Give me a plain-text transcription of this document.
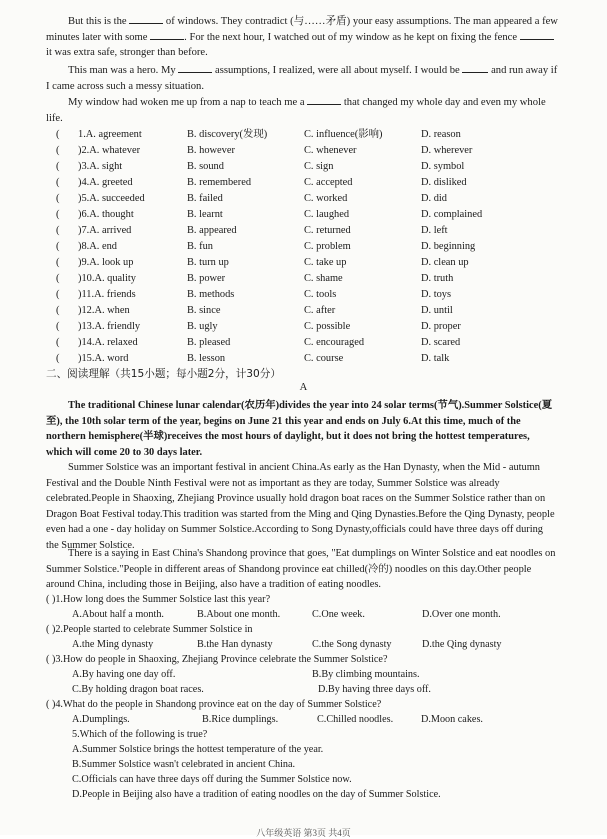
But this is the	of windows. They contradict (与……矛盾) your easy assumptions. The man appeared a few minutes later with some	. For the next hour, I watched out of my window as he kept on fixing the fence  it was extra safe, stronger than before.

This man was a hero. My	assumptions, I realized, were all about myself. I would be	and run away if I came across such a messy situation.

My window had woken me up from a nap to teach me a	that changed my whole day and even my whole life.

( 1.A. agreement	B. discovery(发现)	C. influence(影响)	D. reason
( )2.A. whatever	B. however	C. whenever	D. wherever
( )3.A. sight	B. sound	C. sign	D. symbol
( )4.A. greeted	B. remembered	C. accepted	D. disliked
( )5.A. succeeded	B. failed	C. worked	D. did
( )6.A. thought	B. learnt	C. laughed	D. complained
( )7.A. arrived	B. appeared	C. returned	D. left
( )8.A. end	B. fun	C. problem	D. beginning
( )9.A. look up	B. turn up	C. take up	D. clean up
( )10.A. quality	B. power	C. shame	D. truth
( )11.A. friends	B. methods	C. tools	D. toys
( )12.A. when	B. since	C. after	D. until
( )13.A. friendly	B. ugly	C. possible	D. proper
( )14.A. relaxed	B. pleased	C. encouraged	D. scared
( )15.A. word	B. lesson	C. course	D. talk
二、阅读理解（共15小题；每小题2分，计30分）
A

The traditional Chinese lunar calendar(农历年)divides the year into 24 solar terms(节气).Summer Solstice(夏至), the 10th solar term of the year, begins on June 21 this year and ends on July 6.At this time, much of the northern hemisphere(半球)receives the most hours of daylight, but it does not bring the hottest temperatures, which will come 20 to 30 days later.

Summer Solstice was an important festival in ancient China.As early as the Han Dynasty, when the Mid - autumn Festival and the Double Ninth Festival were not as important as they are today, Summer Solstice was already celebrated.People in Shaoxing, Zhejiang Province usually hold dragon boat races on the Summer Solstice rather than on Dragon Boat Festival today.This tradition was started from the Ming and Qing Dynasties.Before the Qing Dynasty, people even had a one - day holiday on Summer Solstice.According to Song Dynasty,officials could have three days off during the Summer Solstice.

There is a saying in East China's Shandong province that goes, "Eat dumplings on Winter Solstice and eat noodles on Summer Solstice."People in different areas of Shandong province eat chilled(冷的) noodles on this day.Other people around China, including those in Beijing, also have a tradition of eating noodles.

( )1.How long does the Summer Solstice last this year?
A.About half a month.	B.About one month.	C.One week.	D.Over one month.
( )2.People started to celebrate Summer Solstice in
A.the Ming dynasty	B.the Han dynasty	C.the Song dynasty	D.the Qing dynasty
( )3.How do people in Shaoxing, Zhejiang Province celebrate the Summer Solstice?
A.By having one day off.	B.By climbing mountains.
C.By holding dragon boat races.	D.By having three days off.
( )4.What do the people in Shandong province eat on the day of Summer Solstice?
A.Dumplings.	B.Rice dumplings.	C.Chilled noodles.	D.Moon cakes.
5.Which of the following is true?
A.Summer Solstice brings the hottest temperature of the year.
B.Summer Solstice wasn't celebrated in ancient China.
C.Officials can have three days off during the Summer Solstice now.
D.People in Beijing also have a tradition of eating noodles on the day of Summer Solstice.
八年级英语 第3页 共4页
